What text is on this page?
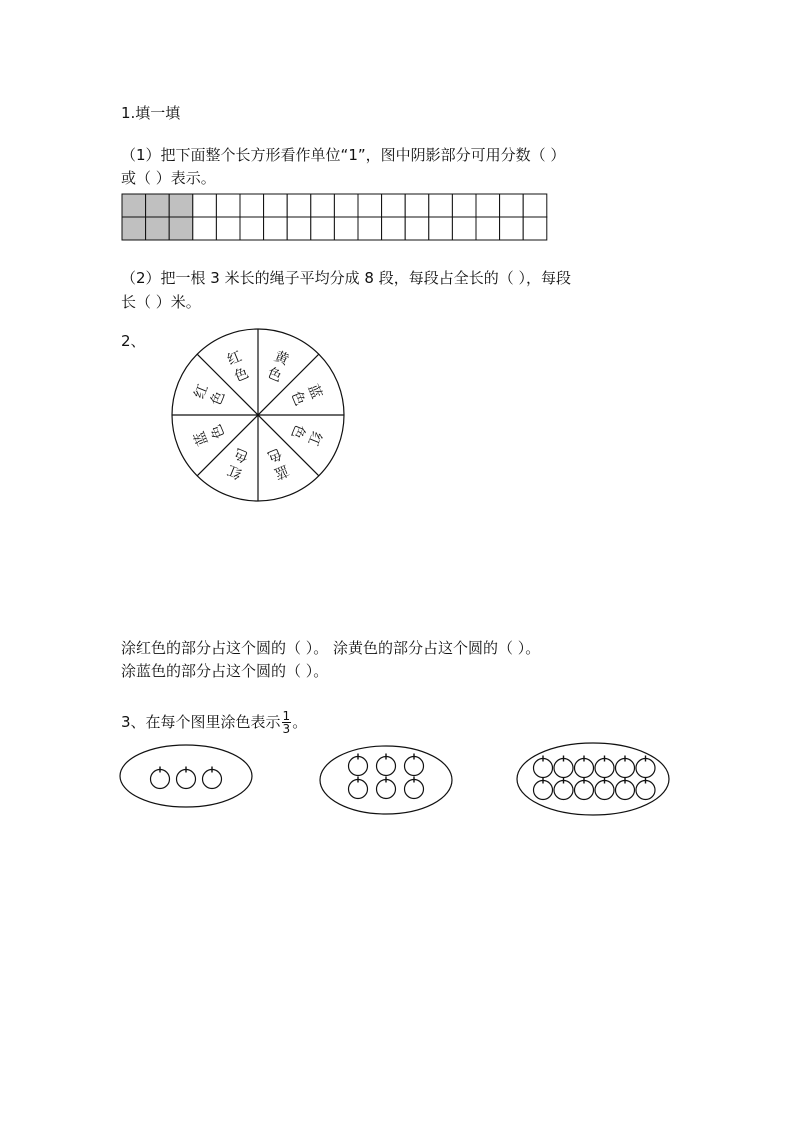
1.填一填
（1）把下面整个长方形看作单位“1”，图中阴影部分可用分数（ ）
或（ ）表示。
（2）把一根 3 米长的绳子平均分成 8 段，每段占全长的（ ），每段
长（ ）米。
2、
黄
色
蓝
色
红
色
蓝
色
红
色
蓝
色
红
色
红
色
涂红色的部分占这个圆的（ ）。 涂黄色的部分占这个圆的（ ）。
涂蓝色的部分占这个圆的（ ）。
3、在每个图里涂色表示 $\frac{1}{3}$ 。
